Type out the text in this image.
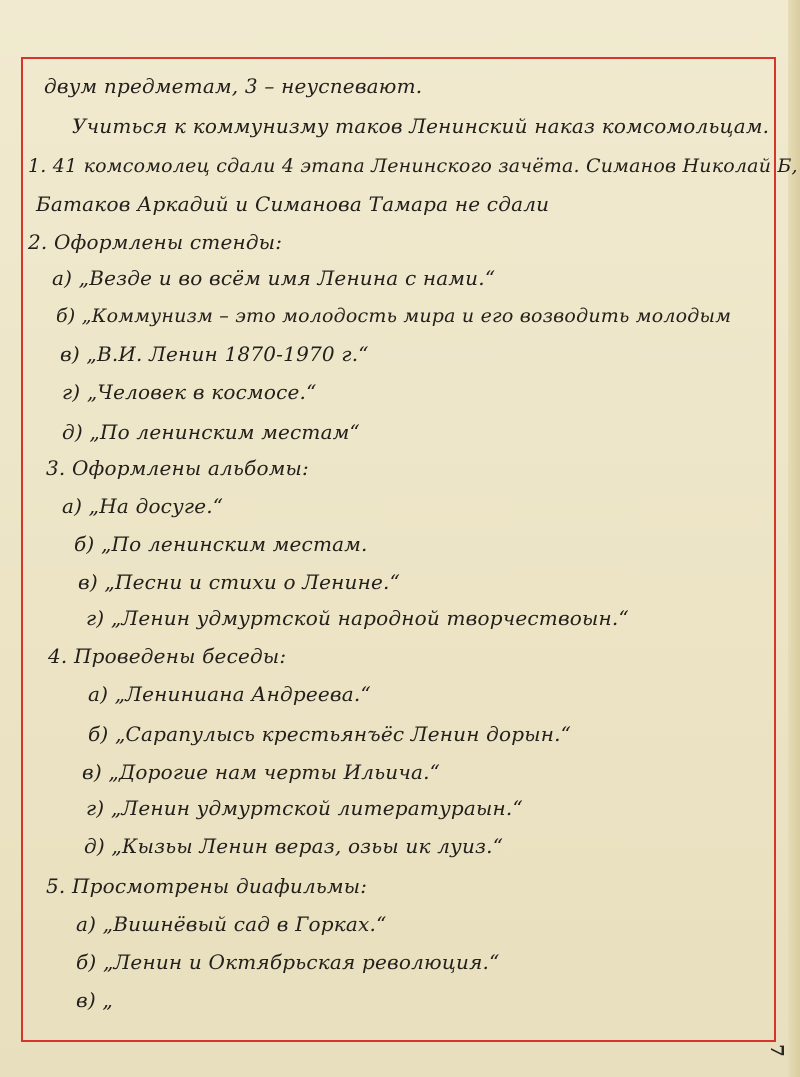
двум предметам, 3 – неуспевают.
Учиться к коммунизму таков Ленинский наказ комсомольцам.
1. 41 комсомолец сдали 4 этапа Ленинского зачёта. Симанов Николай Б,
Батаков Аркадий и Симанова Тамара не сдали
2. Оформлены стенды:
а) „Везде и во всём имя Ленина с нами.“
б) „Коммунизм – это молодость мира и его возводить молодым
в) „В.И. Ленин 1870-1970 г.“
г) „Человек в космосе.“
д) „По ленинским местам“
3. Оформлены альбомы:
а) „На досуге.“
б) „По ленинским местам.
в) „Песни и стихи о Ленине.“
г) „Ленин удмуртской народной творчествоын.“
4. Проведены беседы:
а) „Лениниана Андреева.“
б) „Сарапулысь крестьянъёс Ленин дорын.“
в) „Дорогие нам черты Ильича.“
г) „Ленин удмуртской литератураын.“
д) „Кызьы Ленин вераз, озьы ик луиз.“
5. Просмотрены диафильмы:
а) „Вишнёвый сад в Горках.“
б) „Ленин и Октябрьская революция.“
в) „
7
